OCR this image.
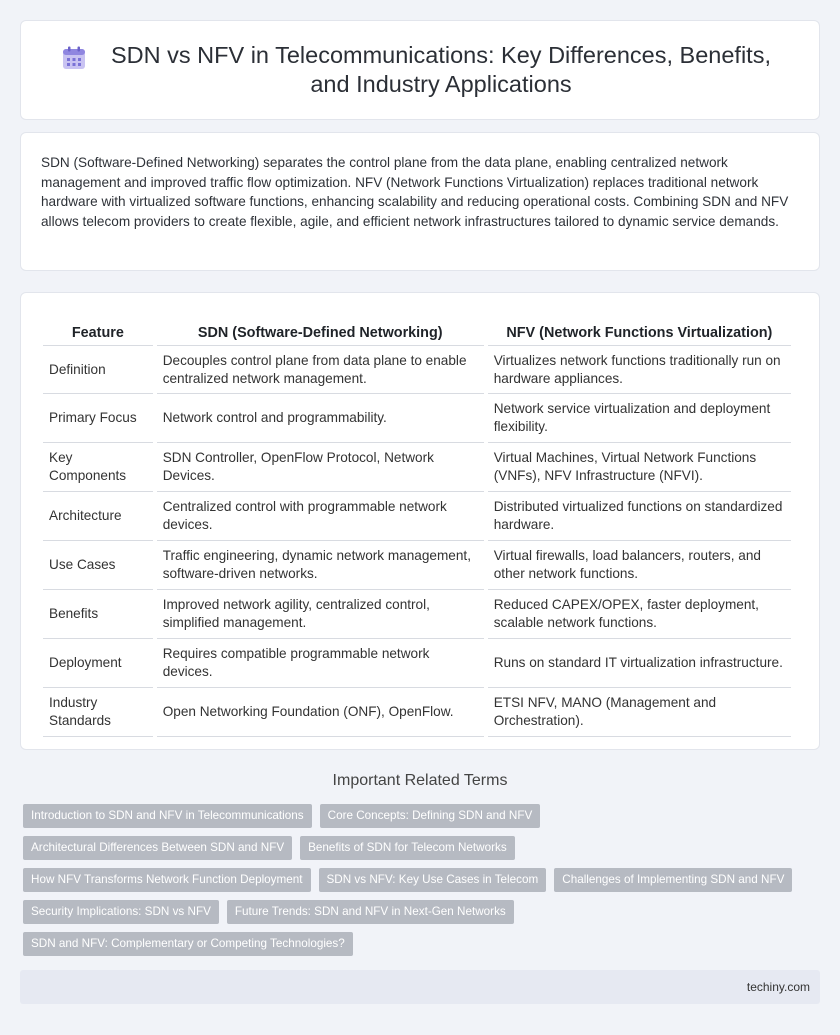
SDN vs NFV in Telecommunications: Key Differences, Benefits, and Industry Applications

SDN (Software-Defined Networking) separates the control plane from the data plane, enabling centralized network management and improved traffic flow optimization. NFV (Network Functions Virtualization) replaces traditional network hardware with virtualized software functions, enhancing scalability and reducing operational costs. Combining SDN and NFV allows telecom providers to create flexible, agile, and efficient network infrastructures tailored to dynamic service demands.

Feature	SDN (Software-Defined Networking)	NFV (Network Functions Virtualization)
Definition	Decouples control plane from data plane to enable centralized network management.	Virtualizes network functions traditionally run on hardware appliances.
Primary Focus	Network control and programmability.	Network service virtualization and deployment flexibility.
Key Components	SDN Controller, OpenFlow Protocol, Network Devices.	Virtual Machines, Virtual Network Functions (VNFs), NFV Infrastructure (NFVI).
Architecture	Centralized control with programmable network devices.	Distributed virtualized functions on standardized hardware.
Use Cases	Traffic engineering, dynamic network management, software-driven networks.	Virtual firewalls, load balancers, routers, and other network functions.
Benefits	Improved network agility, centralized control, simplified management.	Reduced CAPEX/OPEX, faster deployment, scalable network functions.
Deployment	Requires compatible programmable network devices.	Runs on standard IT virtualization infrastructure.
Industry Standards	Open Networking Foundation (ONF), OpenFlow.	ETSI NFV, MANO (Management and Orchestration).
Important Related Terms
Introduction to SDN and NFV in Telecommunications	Core Concepts: Defining SDN and NFV
Architectural Differences Between SDN and NFV	Benefits of SDN for Telecom Networks
How NFV Transforms Network Function Deployment	SDN vs NFV: Key Use Cases in Telecom	Challenges of Implementing SDN and NFV
Security Implications: SDN vs NFV	Future Trends: SDN and NFV in Next-Gen Networks
SDN and NFV: Complementary or Competing Technologies?
techiny.com
